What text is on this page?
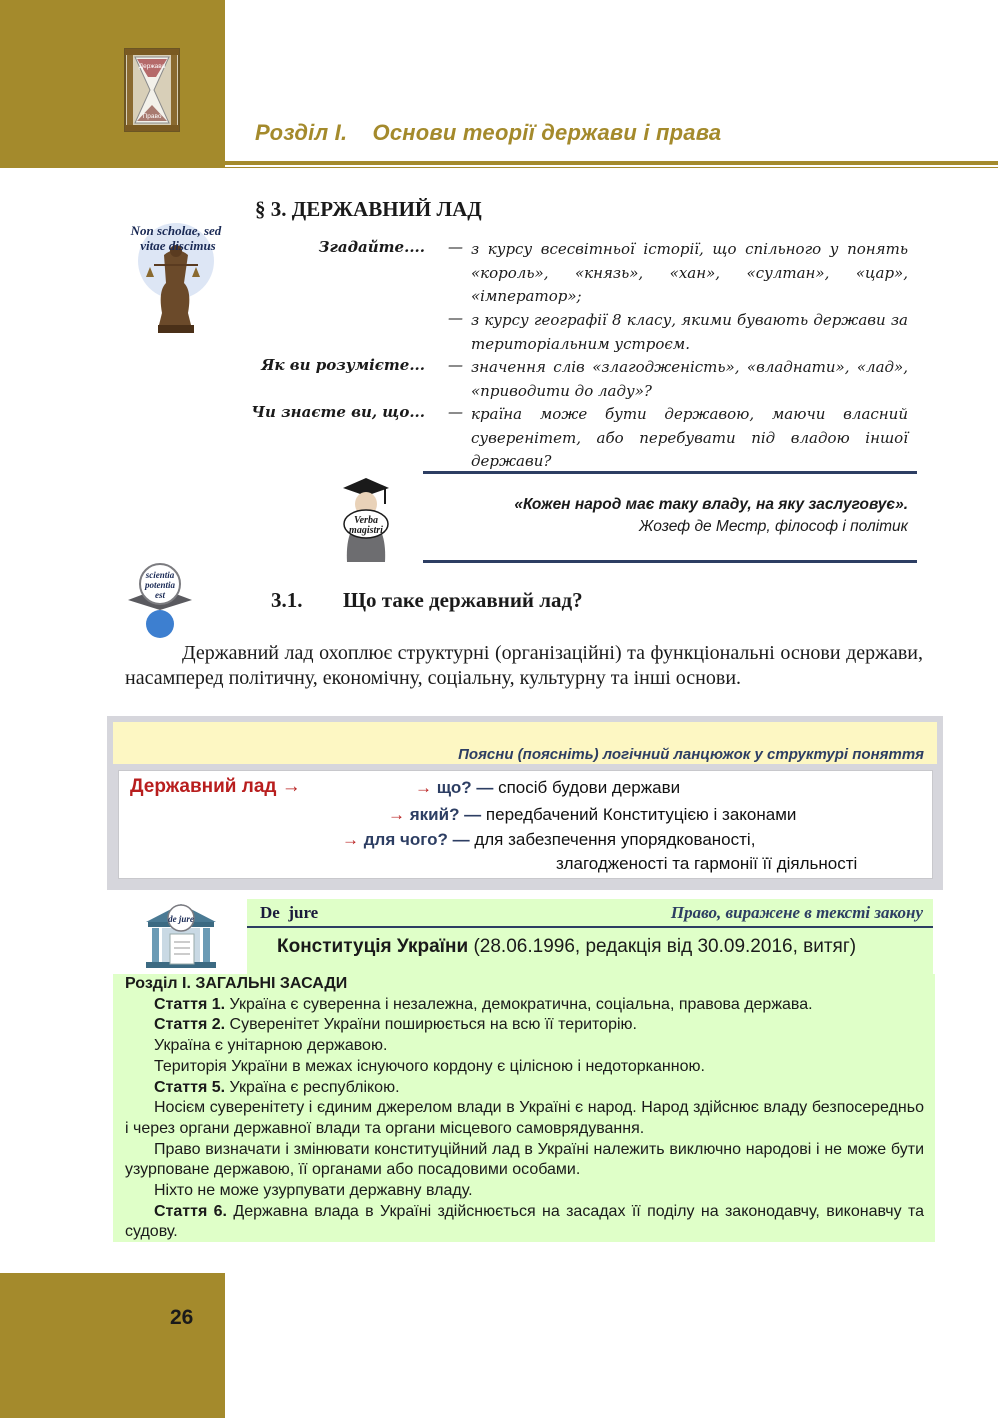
Держава
Право
Розділ І.    Основи теорії держави і права
§ 3. ДЕРЖАВНИЙ ЛАД
Non scholae, sed
vitae discimus	Згадайте.... — з курсу всесвітньої історії, що спільного у понять «король», «князь», «хан», «султан», «цар», «імператор»;
— з курсу географії 8 класу, якими бувають держави за територіальним устроєм.
Як ви розумієте... — значення слів «злагодженість», «владнати», «лад», «приводити до ладу»?
Чи знаєте ви, що... — країна може бути державою, маючи власний суверенітет, або перебувати під владою іншої держави?
Verba
magistri
«Кожен народ має таку владу, на яку заслуговує».
Жозеф де Местр, філософ і політик
scientia
potentia
est	3.1. Що таке державний лад?
Державний лад охоплює структурні (організаційні) та функціональні основи держави, насамперед політичну, економічну, соціальну, культурну та інші основи.
Поясни (поясніть) логічний ланцюжок у структурі поняття
Державний лад →	→ що? — спосіб будови держави
→ який? — передбачений Конституцією і законами
→ для чого? — для забезпечення упорядкованості,
злагодженості та гармонії її діяльності
De  jure	Право, виражене в тексті закону
de jure
Конституція України (28.06.1996, редакція від 30.09.2016, витяг)

Розділ I. ЗАГАЛЬНІ ЗАСАДИ

Стаття 1. Україна є суверенна і незалежна, демократична, соціальна, правова держава.

Стаття 2. Суверенітет України поширюється на всю її територію.

Україна є унітарною державою.

Територія України в межах існуючого кордону є цілісною і недоторканною.

Стаття 5. Україна є республікою.

Носієм суверенітету і єдиним джерелом влади в Україні є народ. Народ здійснює владу безпосередньо і через органи державної влади та органи місцевого самоврядування.

Право визначати і змінювати конституційний лад в Україні належить виключно народові і не може бути узурповане державою, її органами або посадовими особами.

Ніхто не може узурпувати державну владу.

Стаття 6. Державна влада в Україні здійснюється на засадах її поділу на законодавчу, виконавчу та судову.

26
